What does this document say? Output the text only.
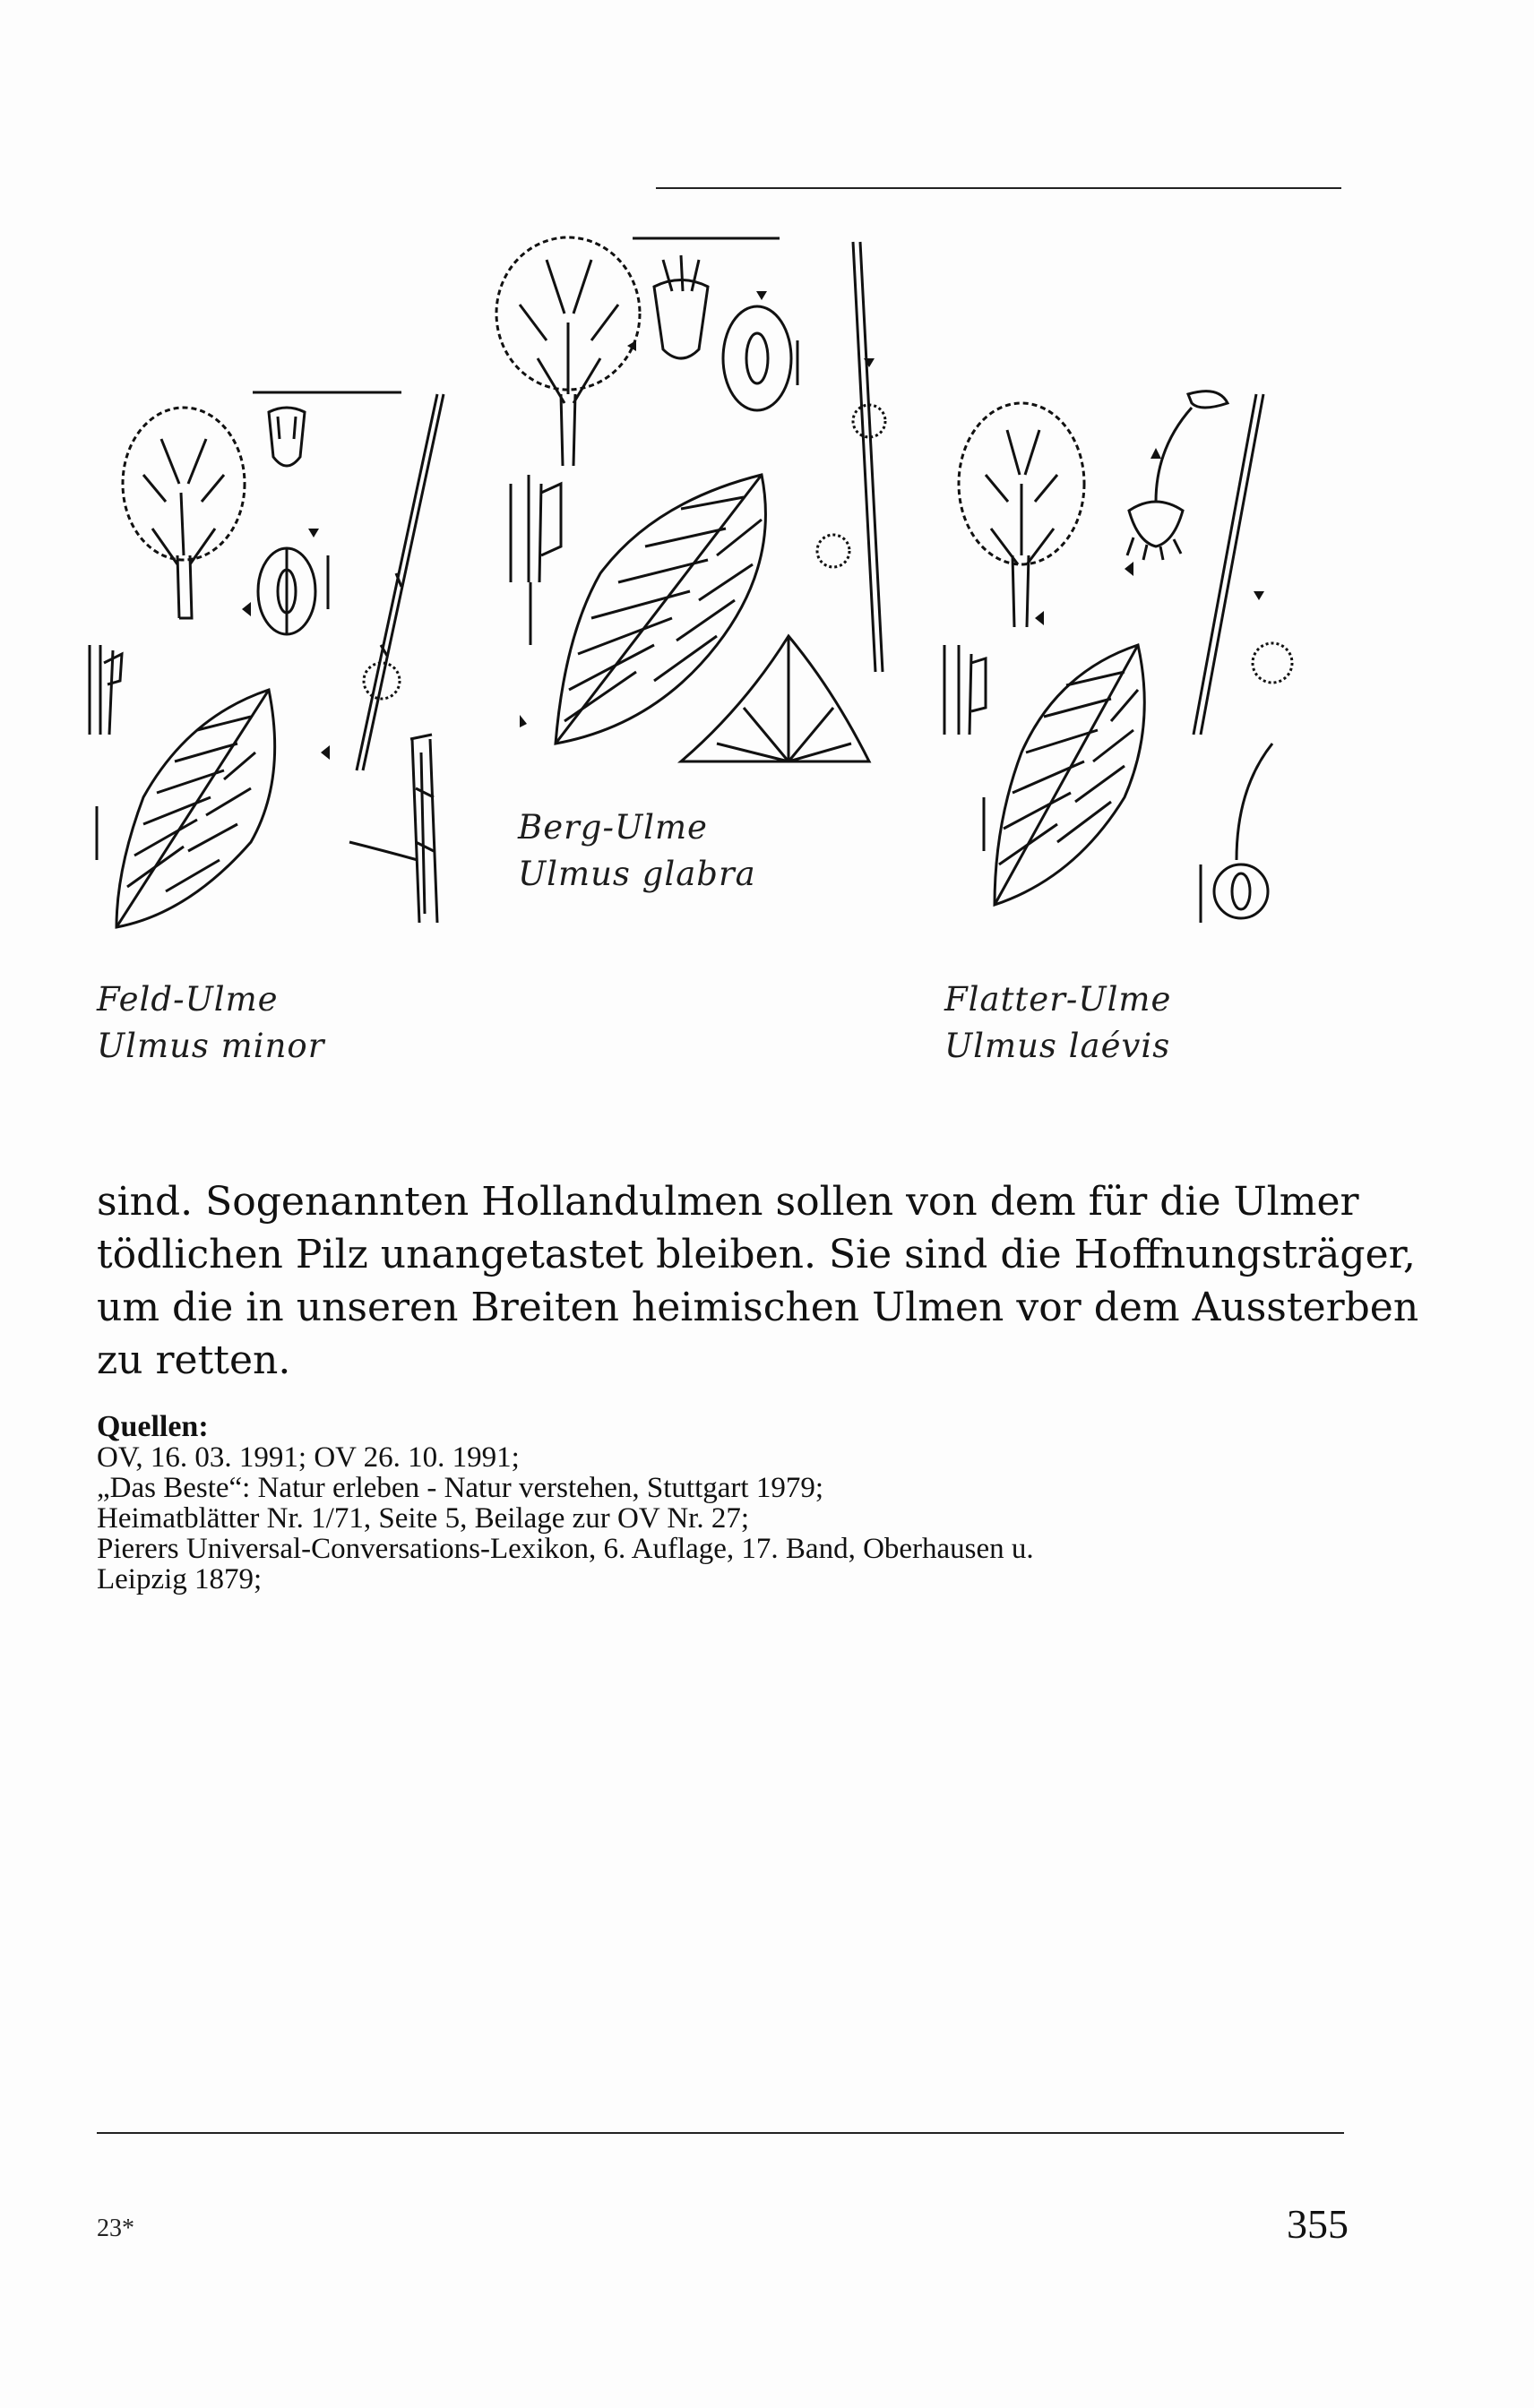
Berg-Ulme
Ulmus glabra
Feld-Ulme
Ulmus minor
Flatter-Ulme
Ulmus laévis

sind. Sogenannten Hollandulmen sollen von dem für die Ulmer

tödlichen Pilz unangetastet bleiben. Sie sind die Hoffnungsträger,

um die in unseren Breiten heimischen Ulmen vor dem Aussterben

zu retten.

Quellen:
OV, 16. 03. 1991; OV 26. 10. 1991;
„Das Beste“: Natur erleben - Natur verstehen, Stuttgart 1979;
Heimatblätter Nr. 1/71, Seite 5, Beilage zur OV Nr. 27;
Pierers Universal-Conversations-Lexikon, 6. Auflage, 17. Band, Oberhausen u.
Leipzig 1879;
23*	355
